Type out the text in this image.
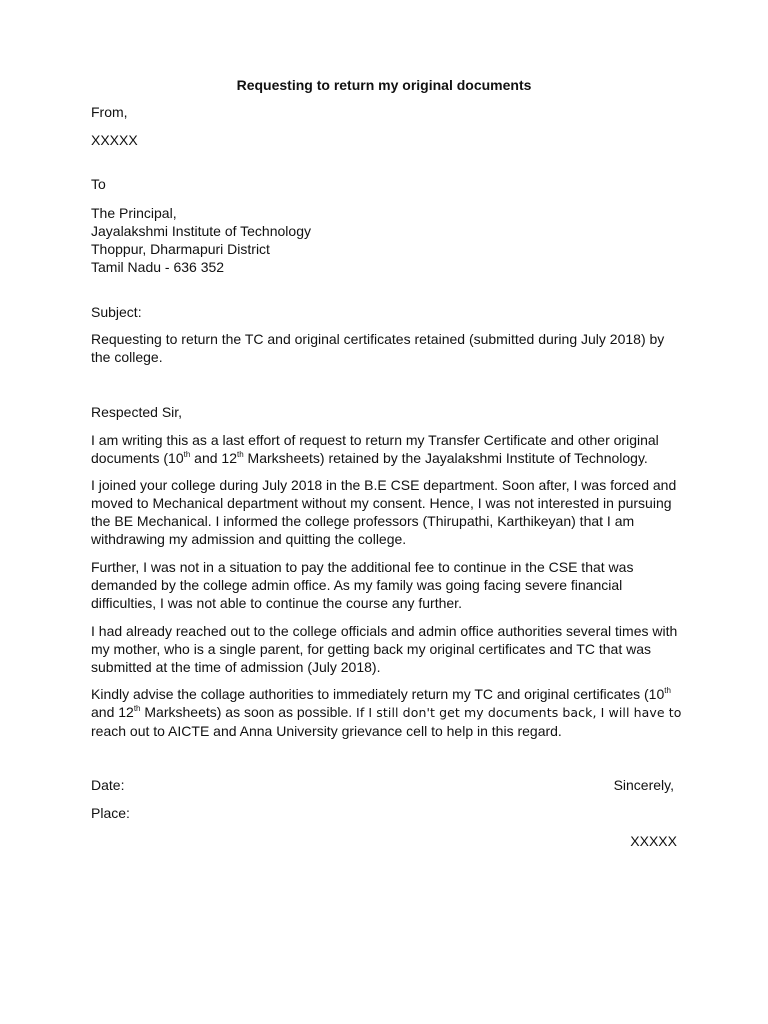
Requesting to return my original documents
From,
XXXXX
To

The Principal,

Jayalakshmi Institute of Technology

Thoppur, Dharmapuri District

Tamil Nadu - 636 352

Subject:

Requesting to return the TC and original certificates retained (submitted during July 2018) by

the college.

Respected Sir,

I am writing this as a last effort of request to return my Transfer Certificate and other original

documents (10th and 12th Marksheets) retained by the Jayalakshmi Institute of Technology.

I joined your college during July 2018 in the B.E CSE department. Soon after, I was forced and

moved to Mechanical department without my consent. Hence, I was not interested in pursuing

the BE Mechanical. I informed the college professors (Thirupathi, Karthikeyan) that I am

withdrawing my admission and quitting the college.

Further, I was not in a situation to pay the additional fee to continue in the CSE that was

demanded by the college admin office. As my family was going facing severe financial

difficulties, I was not able to continue the course any further.

I had already reached out to the college officials and admin office authorities several times with

my mother, who is a single parent, for getting back my original certificates and TC that was

submitted at the time of admission (July 2018).

Kindly advise the collage authorities to immediately return my TC and original certificates (10th

and 12th Marksheets) as soon as possible. If I still don't get my documents back, I will have to

reach out to AICTE and Anna University grievance cell to help in this regard.

Date:	Sincerely,
Place:
XXXXX
